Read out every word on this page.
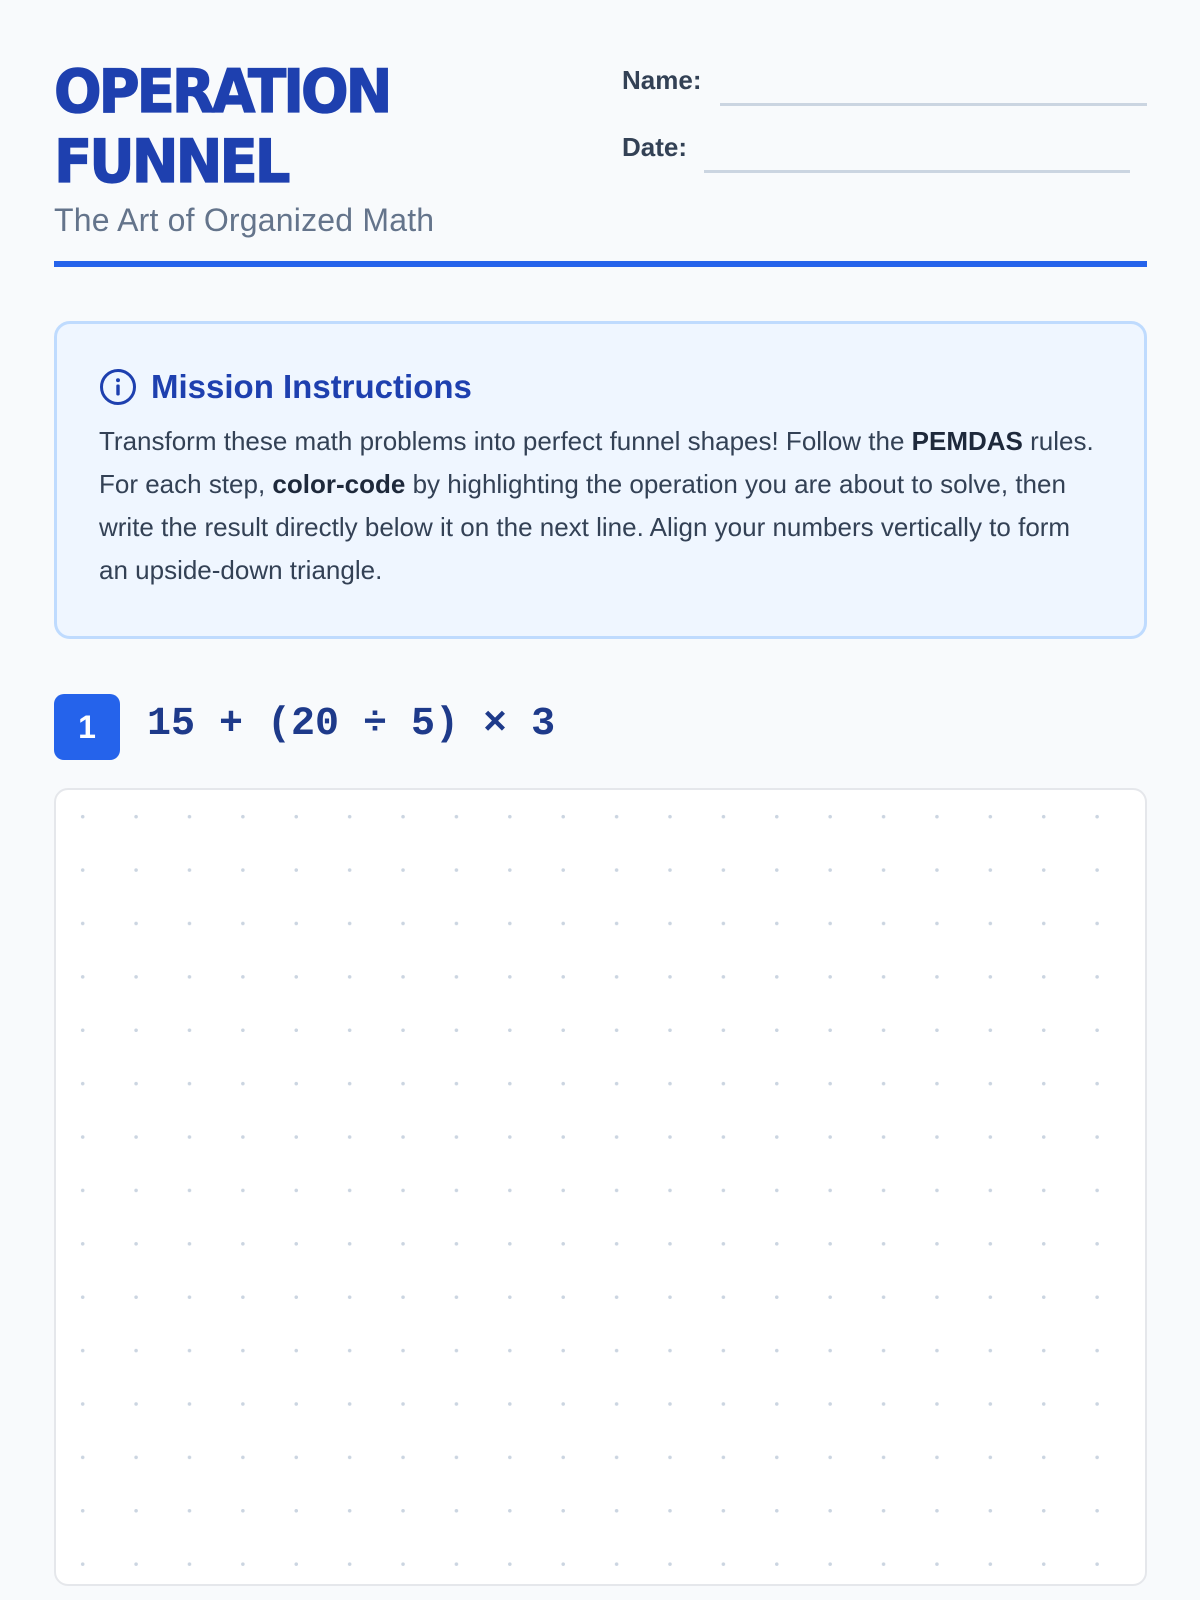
OPERATION
FUNNEL
The Art of Organized Math
Name:
Date:
Mission Instructions
Transform these math problems into perfect funnel shapes! Follow the PEMDAS rules. For each step, color-code by highlighting the operation you are about to solve, then write the result directly below it on the next line. Align your numbers vertically to form an upside-down triangle.
1	15 + (20 ÷ 5) × 3
